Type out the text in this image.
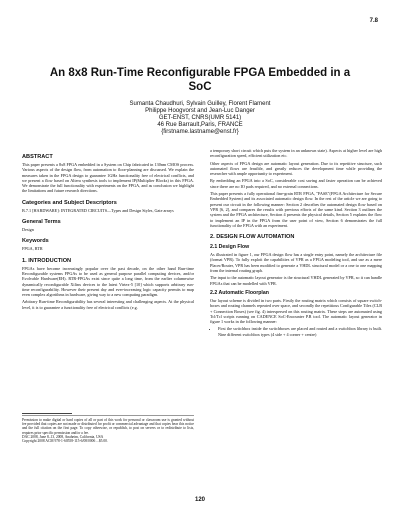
7.8
An 8x8 Run-Time Reconfigurable FPGA Embedded in a SoC
Sumanta Chaudhuri, Sylvain Guilley, Florent Flament
Philippe Hoogvorst and Jean-Luc Danger
GET-ENST, CNRS(UMR 5141)
46 Rue Barrault,Paris, FRANCE
{firstname.lastname@enst.fr}
ABSTRACT

This paper presents a 8x8 FPGA embedded in a System on Chip fabricated in 130nm CMOS process. Various aspects of the design flow, from automation to floor-planning are discussed. We explain the measures taken in the FPGA design to guarantee 1GHz functionality free of electrical conflicts, and we present a flow based on Altera synthesis tools to implement IP(Multiplier Blocks) in this FPGA. We demonstrate the full functionality with experiments on the FPGA, and as conclusion we highlight the limitations and future research directions.

Categories and Subject Descriptors

B.7.1 [HARDWARE]: INTEGRATED CIRCUITS—Types and Design Styles, Gate arrays

General Terms

Design

Keywords

FPGA, RTR

1. INTRODUCTION

FPGAs have become increasingly popular over the past decade, on the other hand Run-time Reconfigurable systems FPGAs to be used as general purpose parallel computing devices, and/or Evolvable Hardware(EH). RTR-FPGAs exist since quite a long time, from the earlier columnwise dynamically reconfigurable Xilinx devices to the latest Virtex-5 [10] which supports arbitrary run-time reconfigurability. However their present day and ever-increasing logic capacity permits to map even complex algorithms in hardware, giving way to a new computing paradigm.

Arbitrary Run-time Reconfigurability has several interesting and challenging aspects. At the physical level, it is to guarantee a functionality free of electrical conflicts (e.g.

Permission to make digital or hard copies of all or part of this work for personal or classroom use is granted without fee provided that copies are not made or distributed for profit or commercial advantage and that copies bear this notice and the full citation on the first page. To copy otherwise, or republish, to post on servers or to redistribute to lists, requires prior specific permission and/or a fee.
DAC 2008, June 8–13, 2008, Anaheim, California, USA
Copyright 2008 ACM 978-1-60558-115-6/08/0006 ...$5.00.

a temporary short circuit which puts the system in an unknown state). Aspects at higher level are high reconfiguration speed, efficient utilization etc.

Other aspects of FPGA design are automatic layout generation. Due to its repetitive structure, such automated flows are feasible, and greatly reduces the development time while providing the researcher with ample opportunity to experiment.

By embedding an FPGA into a SoC, considerable cost saving and faster operation can be achieved since there are no IO pads required, and no external connections.

This paper presents a fully operational fine-grain RTR FPGA, "FASE"(FPGA Architecture for Secure Embedded System) and its associated automatic design flow. In the rest of the article we are going to present our circuit in the following manner: Section 2 describes the automated design flow based on VPR [6, 2], and compares the results with previous efforts of the same kind. Section 3 outlines the system and the FPGA architecture, Section 4 presents the physical details, Section 5 explains the flow to implement an IP in the FPGA from the user point of view, Section 6 demonstrates the full functionality of the FPGA with an experiment.

2. DESIGN FLOW AUTOMATION
2.1 Design Flow

As illustrated in figure 1, our FPGA design flow has a single entry point, namely the architecture file (format VPR). To fully exploit the capabilities of VPR as a FPGA modeling tool, and use as a mere Placer/Router, VPR has been modified to generate a VHDL structural model or a one to one mapping from the internal routing graph.

The input to the automatic layout generator is the structural VHDL generated by VPR, so it can handle FPGAs that can be modelled with VPR.

2.2 Automatic Floorplan

Our layout scheme is divided in two parts. Firstly the routing matrix which consists of square switch-boxes and routing channels repeated over space, and secondly the repetitious Configurable Tiles (CLB + Connection Boxes) (see fig. 4) interspersed on this routing matrix. These steps are automated using Tcl/Tcl scripts running on CADENCE SoC-Encounter P.R tool. The automatic layout generator in figure 1 works in the following manner:

• First the switchbox inside the switchboxes are placed and routed and a switchbox library is built. Nine different switchbox types (4 side + 4 corner + centre)
120
